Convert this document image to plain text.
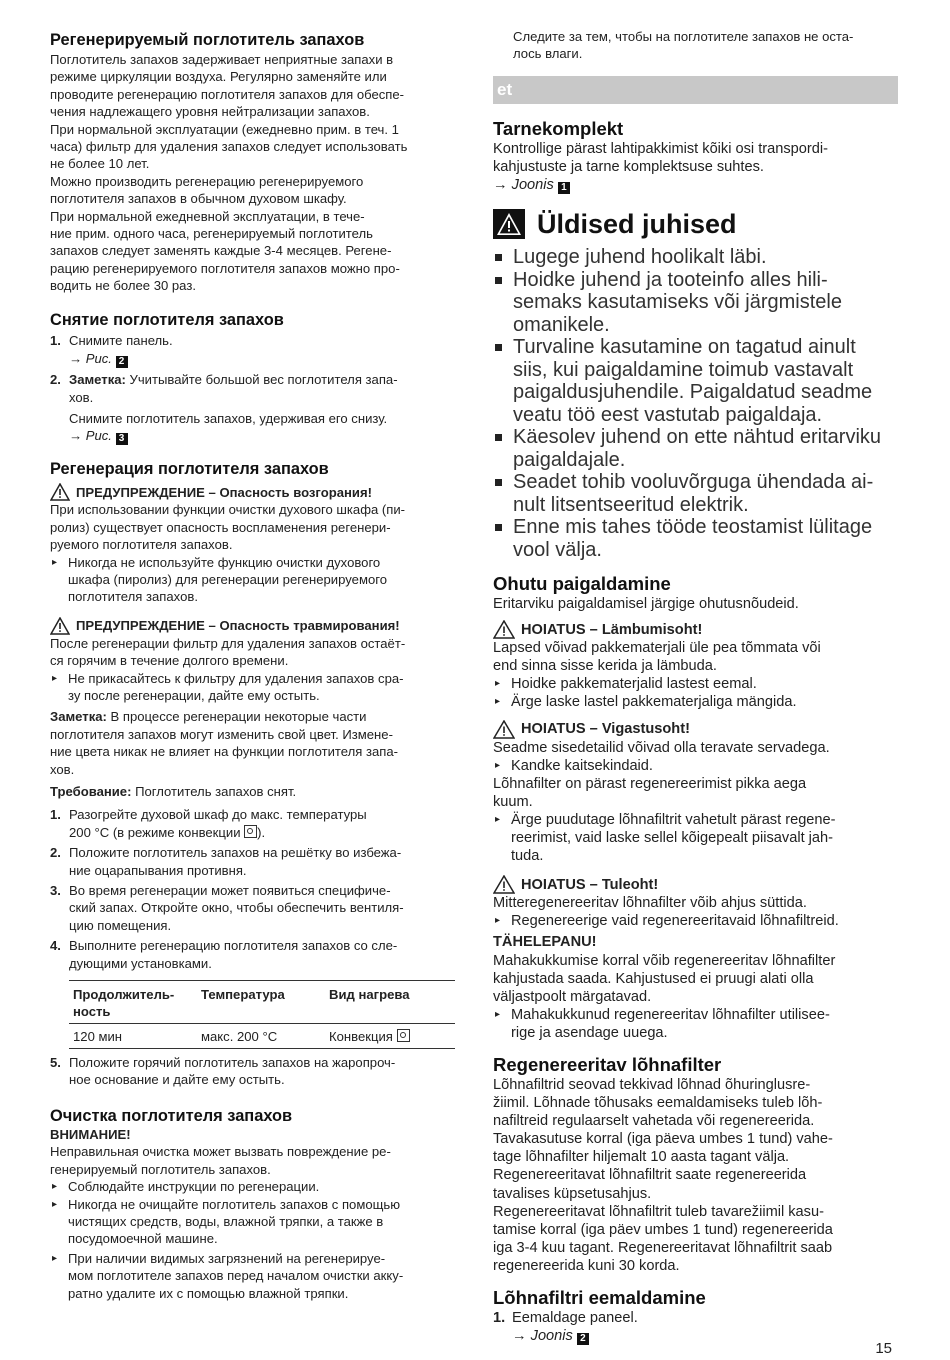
Регенерируемый поглотитель запахов
Поглотитель запахов задерживает неприятные запахи в
режиме циркуляции воздуха. Регулярно заменяйте или
проводите регенерацию поглотителя запахов для обеспе-
чения надлежащего уровня нейтрализации запахов.
При нормальной эксплуатации (ежедневно прим. в теч. 1
часа) фильтр для удаления запахов следует использовать
не более 10 лет.
Можно производить регенерацию регенерируемого
поглотителя запахов в обычном духовом шкафу.
При нормальной ежедневной эксплуатации, в тече-
ние прим. одного часа, регенерируемый поглотитель
запахов следует заменять каждые 3-4 месяцев. Регене-
рацию регенерируемого поглотителя запахов можно про-
водить не более 30 раз.
Снятие поглотителя запахов
1. Снимите панель.
→ Рис. 2
2. Заметка: Учитывайте большой вес поглотителя запа-
хов.
Снимите поглотитель запахов, удерживая его снизу.
→ Рис. 3
Регенерация поглотителя запахов
ПРЕДУПРЕЖДЕНИЕ – Опасность возгорания!
При использовании функции очистки духового шкафа (пи-
ролиз) существует опасность воспламенения регенери-
руемого поглотителя запахов.
▸ Никогда не используйте функцию очистки духового
шкафа (пиролиз) для регенерации регенерируемого
поглотителя запахов.
ПРЕДУПРЕЖДЕНИЕ – Опасность травмирования!
После регенерации фильтр для удаления запахов остаёт-
ся горячим в течение долгого времени.
▸ Не прикасайтесь к фильтру для удаления запахов сра-
зу после регенерации, дайте ему остыть.
Заметка: В процессе регенерации некоторые части
поглотителя запахов могут изменить свой цвет. Измене-
ние цвета никак не влияет на функции поглотителя запа-
хов.
Требование: Поглотитель запахов снят.
1. Разогрейте духовой шкаф до макс. температуры
200 °C (в режиме конвекции ).
2. Положите поглотитель запахов на решётку во избежа-
ние оцарапывания противня.
3. Во время регенерации может появиться специфиче-
ский запах. Откройте окно, чтобы обеспечить вентиля-
цию помещения.
4. Выполните регенерацию поглотителя запахов со сле-
дующими установками.
Продолжитель-
ность	Температура	Вид нагрева
120 мин	макс. 200 °C	Конвекция
5. Положите горячий поглотитель запахов на жаропроч-
ное основание и дайте ему остыть.
Очистка поглотителя запахов
ВНИМАНИЕ!
Неправильная очистка может вызвать повреждение ре-
генерируемый поглотитель запахов.
▸ Соблюдайте инструкции по регенерации.
▸ Никогда не очищайте поглотитель запахов с помощью
чистящих средств, воды, влажной тряпки, а также в
посудомоечной машине.
▸ При наличии видимых загрязнений на регенерируе-
мом поглотителе запахов перед началом очистки акку-
ратно удалите их с помощью влажной тряпки.
Следите за тем, чтобы на поглотителе запахов не оста-
лось влаги.
et
Tarnekomplekt
Kontrollige pärast lahtipakkimist kõiki osi transpordi-
kahjustuste ja tarne komplektsuse suhtes.
→ Joonis 1
Üldised juhised
Lugege juhend hoolikalt läbi.
Hoidke juhend ja tooteinfo alles hili-
semaks kasutamiseks või järgmistele
omanikele.
Turvaline kasutamine on tagatud ainult
siis, kui paigaldamine toimub vastavalt
paigaldusjuhendile. Paigaldatud seadme
veatu töö eest vastutab paigaldaja.
Käesolev juhend on ette nähtud eritarviku
paigaldajale.
Seadet tohib vooluvõrguga ühendada ai-
nult litsentseeritud elektrik.
Enne mis tahes tööde teostamist lülitage
vool välja.
Ohutu paigaldamine
Eritarviku paigaldamisel järgige ohutusnõudeid.
HOIATUS – Lämbumisoht!
Lapsed võivad pakkematerjali üle pea tõmmata või
end sinna sisse kerida ja lämbuda.
▸ Hoidke pakkematerjalid lastest eemal.
▸ Ärge laske lastel pakkematerjaliga mängida.
HOIATUS – Vigastusoht!
Seadme sisedetailid võivad olla teravate servadega.
▸ Kandke kaitsekindaid.
Lõhnafilter on pärast regenereerimist pikka aega
kuum.
▸ Ärge puudutage lõhnafiltrit vahetult pärast regene-
reerimist, vaid laske sellel kõigepealt piisavalt jah-
tuda.
HOIATUS – Tuleoht!
Mitteregenereeritav lõhnafilter võib ahjus süttida.
▸ Regenereerige vaid regenereeritavaid lõhnafiltreid.
TÄHELEPANU!
Mahakukkumise korral võib regenereeritav lõhnafilter
kahjustada saada. Kahjustused ei pruugi alati olla
väljastpoolt märgatavad.
▸ Mahakukkunud regenereeritav lõhnafilter utilisee-
rige ja asendage uuega.
Regenereeritav lõhnafilter
Lõhnafiltrid seovad tekkivad lõhnad õhuringlusre-
žiimil. Lõhnade tõhusaks eemaldamiseks tuleb lõh-
nafiltreid regulaarselt vahetada või regenereerida.
Tavakasutuse korral (iga päeva umbes 1 tund) vahe-
tage lõhnafilter hiljemalt 10 aasta tagant välja.
Regenereeritavat lõhnafiltrit saate regenereerida
tavalises küpsetusahjus.
Regenereeritavat lõhnafiltrit tuleb tavarežiimil kasu-
tamise korral (iga päev umbes 1 tund) regenereerida
iga 3-4 kuu tagant. Regenereeritavat lõhnafiltrit saab
regenereerida kuni 30 korda.
Lõhnafiltri eemaldamine
1. Eemaldage paneel.
→ Joonis 2
15
